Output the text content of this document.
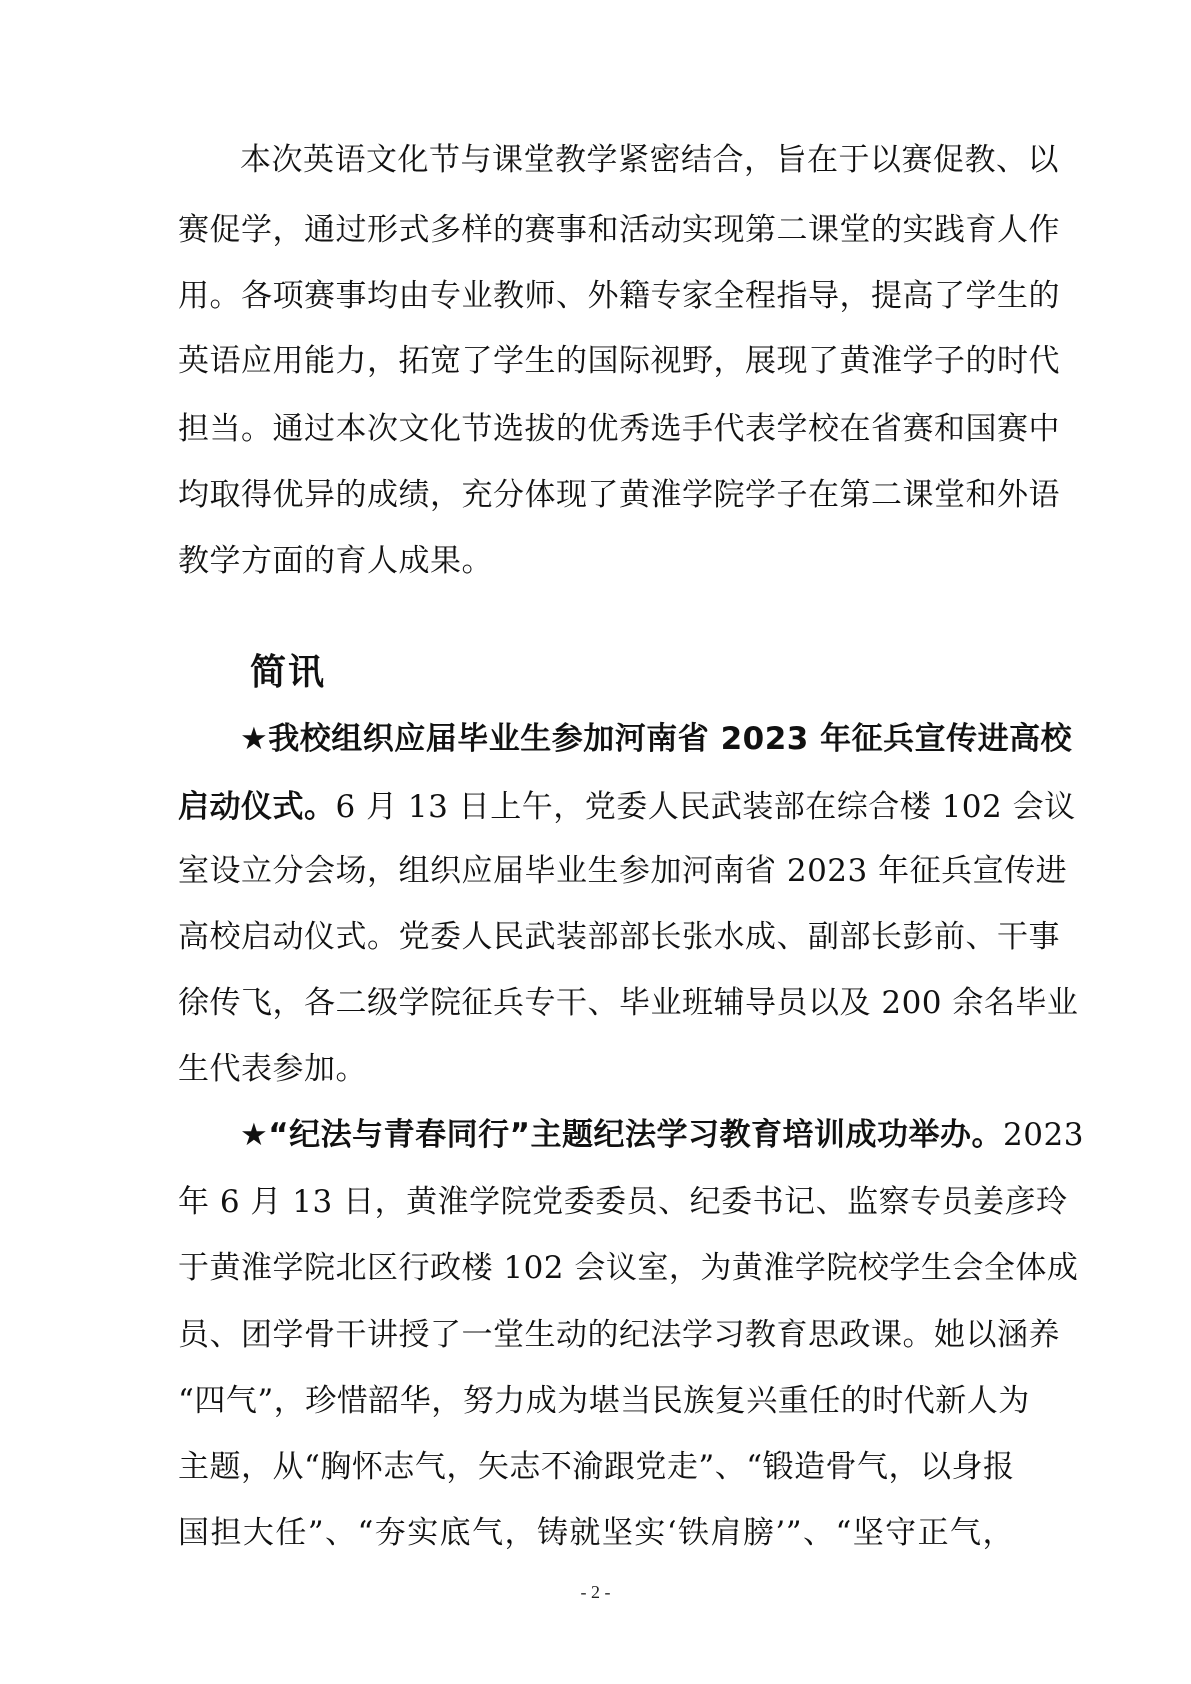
本次英语文化节与课堂教学紧密结合，旨在于以赛促教、以
赛促学，通过形式多样的赛事和活动实现第二课堂的实践育人作
用。各项赛事均由专业教师、外籍专家全程指导，提高了学生的
英语应用能力，拓宽了学生的国际视野，展现了黄淮学子的时代
担当。通过本次文化节选拔的优秀选手代表学校在省赛和国赛中
均取得优异的成绩，充分体现了黄淮学院学子在第二课堂和外语
教学方面的育人成果。
简讯
★我校组织应届毕业生参加河南省 2023 年征兵宣传进高校
启动仪式。6 月 13 日上午，党委人民武装部在综合楼 102 会议
室设立分会场，组织应届毕业生参加河南省 2023 年征兵宣传进
高校启动仪式。党委人民武装部部长张水成、副部长彭前、干事
徐传飞，各二级学院征兵专干、毕业班辅导员以及 200 余名毕业
生代表参加。
★“纪法与青春同行”主题纪法学习教育培训成功举办。2023
年 6 月 13 日，黄淮学院党委委员、纪委书记、监察专员姜彦玲
于黄淮学院北区行政楼 102 会议室，为黄淮学院校学生会全体成
员、团学骨干讲授了一堂生动的纪法学习教育思政课。她以涵养
“四气”，珍惜韶华，努力成为堪当民族复兴重任的时代新人为
主题，从“胸怀志气，矢志不渝跟党走”、“锻造骨气，以身报
国担大任”、“夯实底气，铸就坚实‘铁肩膀’”、“坚守正气，
- 2 -
